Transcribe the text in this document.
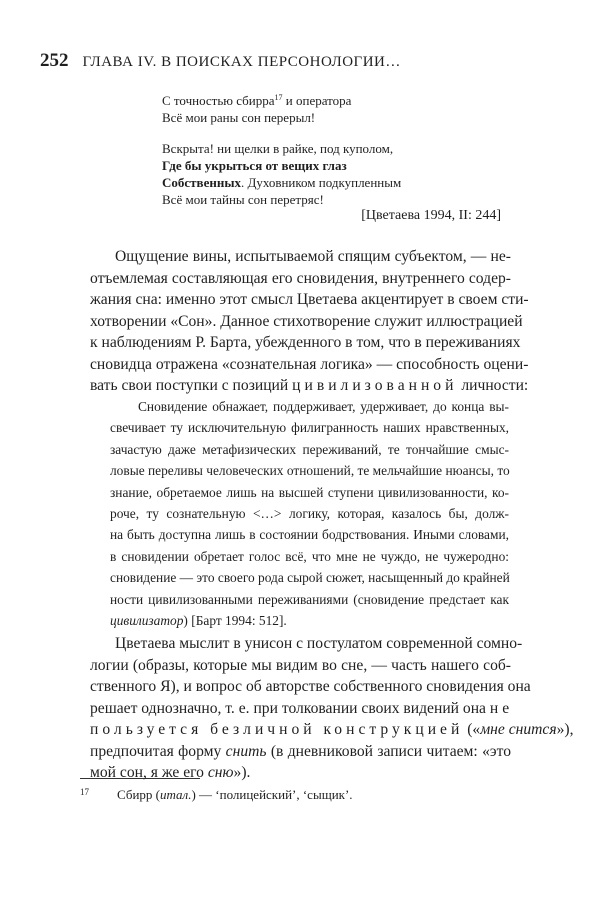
252 ГЛАВА IV. В ПОИСКАХ ПЕРСОНОЛОГИИ…
С точностью сбирра$^{17}$ и оператора
Всё мои раны сон перерыл!
Вскрыта! ни щелки в райке, под куполом,
Где бы укрыться от вещих глаз
Собственных. Духовником подкупленным
Всё мои тайны сон перетряс!
[Цветаева 1994, II: 244]
Ощущение вины, испытываемой спящим субъектом, — не-
отъемлемая составляющая его сновидения, внутреннего содер-
жания сна: именно этот смысл Цветаева акцентирует в своем сти-
хотворении «Сон». Данное стихотворение служит иллюстрацией
к наблюдениям Р. Барта, убежденного в том, что в переживаниях
сновидца отражена «сознательная логика» — способность оцени-
вать свои поступки с позиций цивилизованной личности:
Сновидение обнажает, поддерживает, удерживает, до конца вы-
свечивает ту исключительную филигранность наших нравственных,
зачастую даже метафизических переживаний, те тончайшие смыс-
ловые переливы человеческих отношений, те мельчайшие нюансы, то
знание, обретаемое лишь на высшей ступени цивилизованности, ко-
роче, ту сознательную <…> логику, которая, казалось бы, долж-
на быть доступна лишь в состоянии бодрствования. Иными словами,
в сновидении обретает голос всё, что мне не чуждо, не чужеродно:
сновидение — это своего рода сырой сюжет, насыщенный до крайней
ности цивилизованными переживаниями (сновидение предстает как
цивилизатор) [Барт 1994: 512].
Цветаева мыслит в унисон с постулатом современной сомно-
логии (образы, которые мы видим во сне, — часть нашего соб-
ственного Я), и вопрос об авторстве собственного сновидения она
решает однозначно, т. е. при толковании своих видений она не
пользуется безличной конструкцией («мне снится»),
предпочитая форму снить (в дневниковой записи читаем: «это
мой сон, я же его сню»).
17 Сбирр (итал.) — ‘полицейский’, ‘сыщик’.
